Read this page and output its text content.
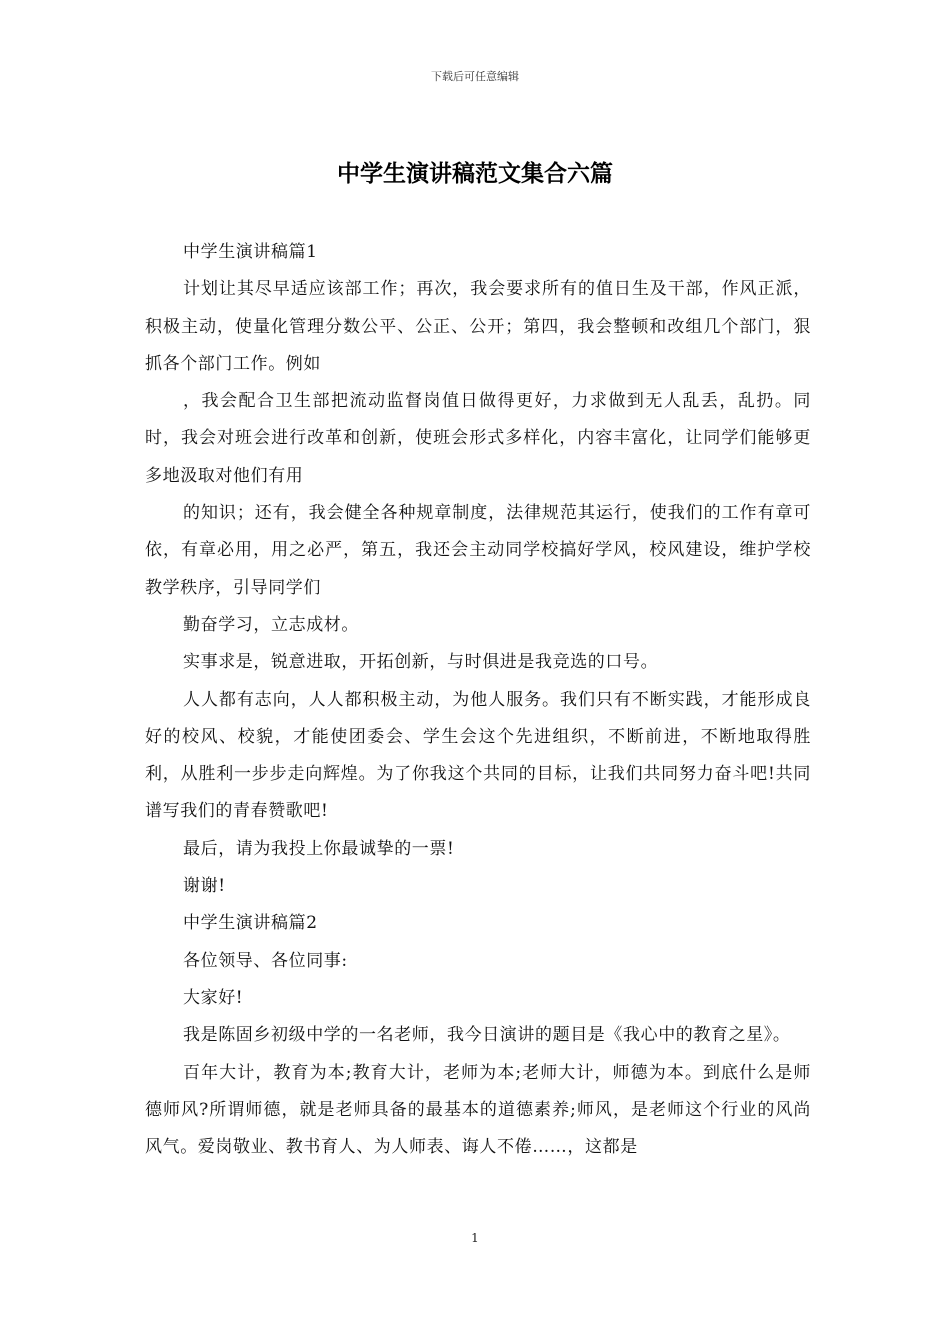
下载后可任意编辑
中学生演讲稿范文集合六篇

中学生演讲稿篇1

计划让其尽早适应该部工作；再次，我会要求所有的值日生及干部，作风正派，积极主动，使量化管理分数公平、公正、公开；第四，我会整顿和改组几个部门，狠抓各个部门工作。例如

，我会配合卫生部把流动监督岗值日做得更好，力求做到无人乱丢，乱扔。同时，我会对班会进行改革和创新，使班会形式多样化，内容丰富化，让同学们能够更多地汲取对他们有用

的知识；还有，我会健全各种规章制度，法律规范其运行，使我们的工作有章可依，有章必用，用之必严，第五，我还会主动同学校搞好学风，校风建设，维护学校教学秩序，引导同学们

勤奋学习，立志成材。

实事求是，锐意进取，开拓创新，与时俱进是我竞选的口号。

人人都有志向，人人都积极主动，为他人服务。我们只有不断实践，才能形成良好的校风、校貌，才能使团委会、学生会这个先进组织，不断前进，不断地取得胜利，从胜利一步步走向辉煌。为了你我这个共同的目标，让我们共同努力奋斗吧!共同谱写我们的青春赞歌吧!

最后，请为我投上你最诚挚的一票!

谢谢!

中学生演讲稿篇2

各位领导、各位同事:

大家好!

我是陈固乡初级中学的一名老师，我今日演讲的题目是《我心中的教育之星》。

百年大计，教育为本;教育大计，老师为本;老师大计，师德为本。到底什么是师德师风?所谓师德，就是老师具备的最基本的道德素养;师风，是老师这个行业的风尚风气。爱岗敬业、教书育人、为人师表、诲人不倦……，这都是

1
